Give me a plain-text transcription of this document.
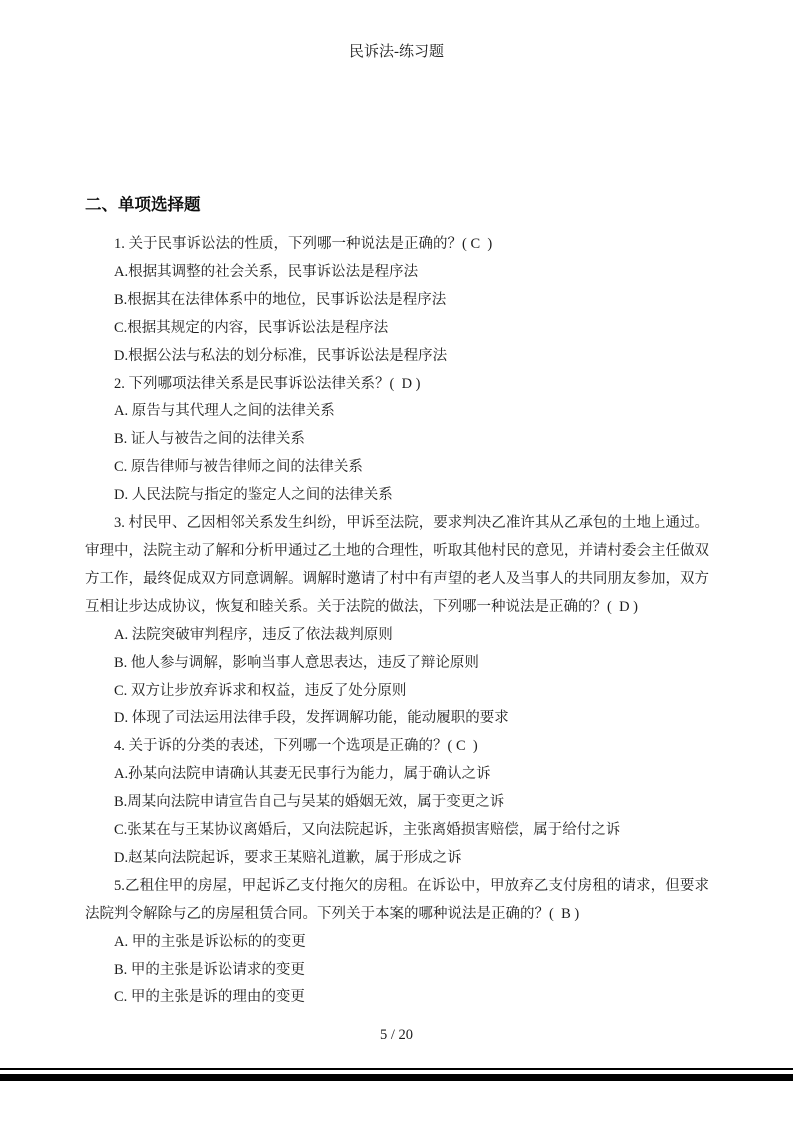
民诉法-练习题
二、单项选择题

1. 关于民事诉讼法的性质，下列哪一种说法是正确的？( C  )

A.根据其调整的社会关系，民事诉讼法是程序法

B.根据其在法律体系中的地位，民事诉讼法是程序法

C.根据其规定的内容，民事诉讼法是程序法

D.根据公法与私法的划分标准，民事诉讼法是程序法

2. 下列哪项法律关系是民事诉讼法律关系？(  D )

A. 原告与其代理人之间的法律关系

B. 证人与被告之间的法律关系

C. 原告律师与被告律师之间的法律关系

D. 人民法院与指定的鉴定人之间的法律关系

3. 村民甲、乙因相邻关系发生纠纷，甲诉至法院，要求判决乙准许其从乙承包的土地上通过。审理中，法院主动了解和分析甲通过乙土地的合理性，听取其他村民的意见，并请村委会主任做双方工作，最终促成双方同意调解。调解时邀请了村中有声望的老人及当事人的共同朋友参加，双方互相让步达成协议，恢复和睦关系。关于法院的做法，下列哪一种说法是正确的？(  D )

A. 法院突破审判程序，违反了依法裁判原则

B. 他人参与调解，影响当事人意思表达，违反了辩论原则

C. 双方让步放弃诉求和权益，违反了处分原则

D. 体现了司法运用法律手段，发挥调解功能，能动履职的要求

4. 关于诉的分类的表述，下列哪一个选项是正确的？( C  )

A.孙某向法院申请确认其妻无民事行为能力，属于确认之诉

B.周某向法院申请宣告自己与吴某的婚姻无效，属于变更之诉

C.张某在与王某协议离婚后，又向法院起诉，主张离婚损害赔偿，属于给付之诉

D.赵某向法院起诉，要求王某赔礼道歉，属于形成之诉

5.乙租住甲的房屋，甲起诉乙支付拖欠的房租。在诉讼中，甲放弃乙支付房租的请求，但要求法院判令解除与乙的房屋租赁合同。下列关于本案的哪种说法是正确的？(  B )

A. 甲的主张是诉讼标的的变更

B. 甲的主张是诉讼请求的变更

C. 甲的主张是诉的理由的变更

5 / 20
